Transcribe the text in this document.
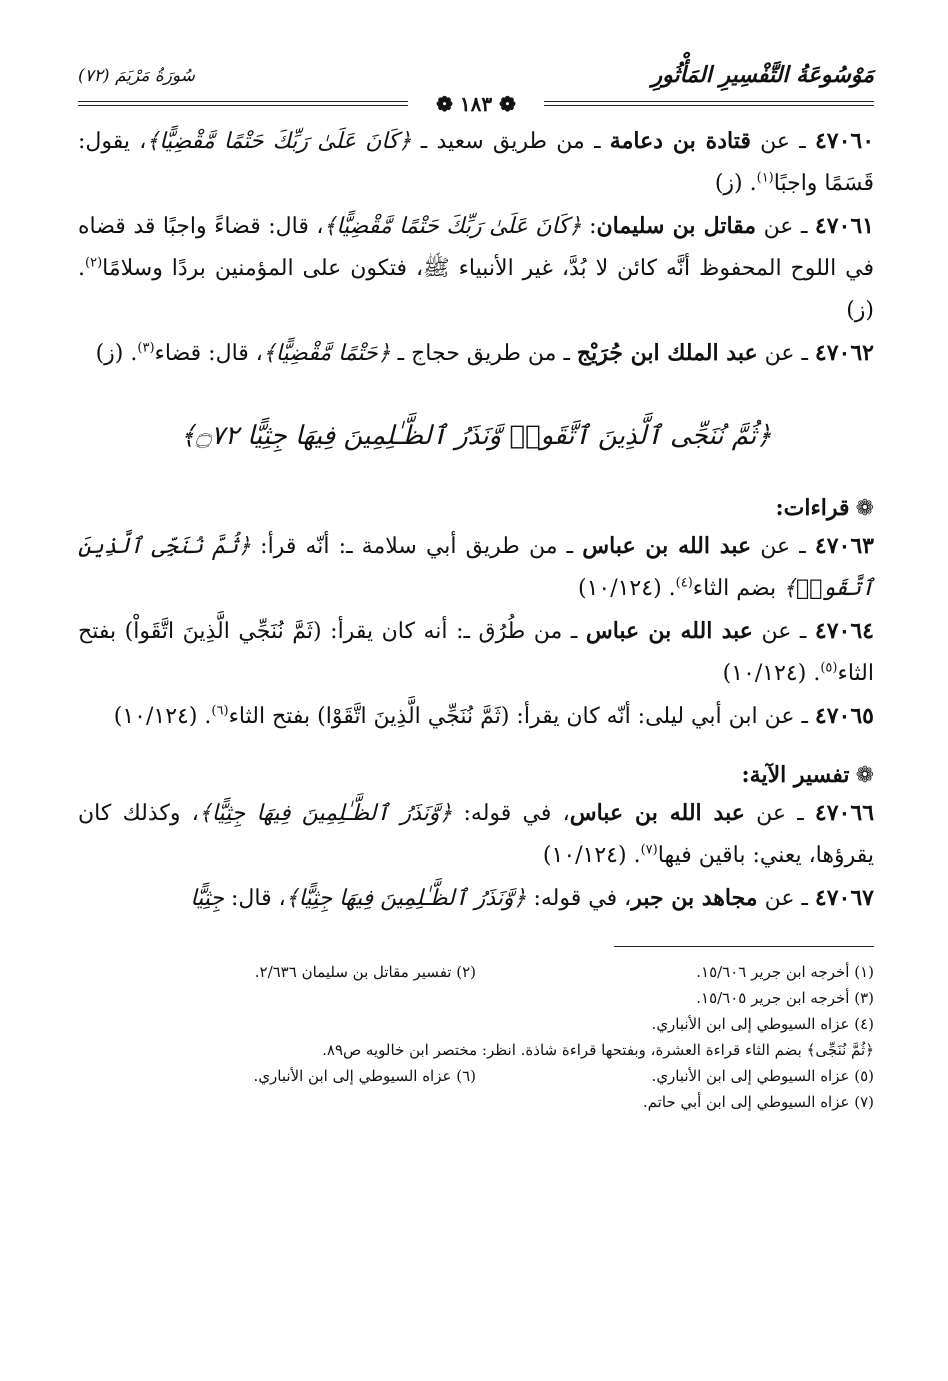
مَوْسُوعَةُ التَّفْسِيرِ المَأْثُورِ
سُورَةُ مَرْيَمَ (٧٢)
❁ ١٨٣ ❁

٤٧٠٦٠ ـ عن قتادة بن دعامة ـ من طريق سعيد ـ ﴿كَانَ عَلَىٰ رَبِّكَ حَتْمًا مَّقْضِيًّا﴾، يقول: قَسَمًا واجبًا$^{(١)}$. (ز)

٤٧٠٦١ ـ عن مقاتل بن سليمان: ﴿كَانَ عَلَىٰ رَبِّكَ حَتْمًا مَّقْضِيًّا﴾، قال: قضاءً واجبًا قد قضاه في اللوح المحفوظ أنَّه كائن لا بُدَّ، غير الأنبياء ﷺ، فتكون على المؤمنين بردًا وسلامًا$^{(٢)}$. (ز)

٤٧٠٦٢ ـ عن عبد الملك ابن جُرَيْج ـ من طريق حجاج ـ ﴿حَتْمًا مَّقْضِيًّا﴾، قال: قضاء$^{(٣)}$. (ز)

﴿ثُمَّ نُنَجِّى ٱلَّذِينَ ٱتَّقَوا۟ وَّنَذَرُ ٱلظَّـٰلِمِينَ فِيهَا جِثِيًّا ۝٧٢﴾
❁قراءات:

٤٧٠٦٣ ـ عن عبد الله بن عباس ـ من طريق أبي سلامة ـ: أنّه قرأ: ﴿ثُمَّ نُنَجِّى ٱلَّذِينَ ٱتَّقَوا۟﴾ بضم الثاء$^{(٤)}$. (١٠/١٢٤)

٤٧٠٦٤ ـ عن عبد الله بن عباس ـ من طُرُق ـ: أنه كان يقرأ: (ثَمَّ نُنَجِّي الَّذِينَ اتَّقَواْ) بفتح الثاء$^{(٥)}$. (١٠/١٢٤)

٤٧٠٦٥ ـ عن ابن أبي ليلى: أنّه كان يقرأ: (ثَمَّ نُنَجِّي الَّذِينَ اتَّقَوْا) بفتح الثاء$^{(٦)}$. (١٠/١٢٤)

❁تفسير الآية:

٤٧٠٦٦ ـ عن عبد الله بن عباس، في قوله: ﴿وَّنَذَرُ ٱلظَّـٰلِمِينَ فِيهَا جِثِيًّا﴾، وكذلك كان يقرؤها، يعني: باقين فيها$^{(٧)}$. (١٠/١٢٤)

٤٧٠٦٧ ـ عن مجاهد بن جبر، في قوله: ﴿وَّنَذَرُ ٱلظَّـٰلِمِينَ فِيهَا جِثِيًّا﴾، قال: جِثِيًّا

(١) أخرجه ابن جرير ١٥/٦٠٦.
(٢) تفسير مقاتل بن سليمان ٢/٦٣٦.
(٣) أخرجه ابن جرير ١٥/٦٠٥.
(٤) عزاه السيوطي إلى ابن الأنباري.
﴿ثُمَّ نُنَجِّى﴾ بضم الثاء قراءة العشرة، وبفتحها قراءة شاذة. انظر: مختصر ابن خالويه ص٨٩.
(٥) عزاه السيوطي إلى ابن الأنباري.
(٦) عزاه السيوطي إلى ابن الأنباري.
(٧) عزاه السيوطي إلى ابن أبي حاتم.
